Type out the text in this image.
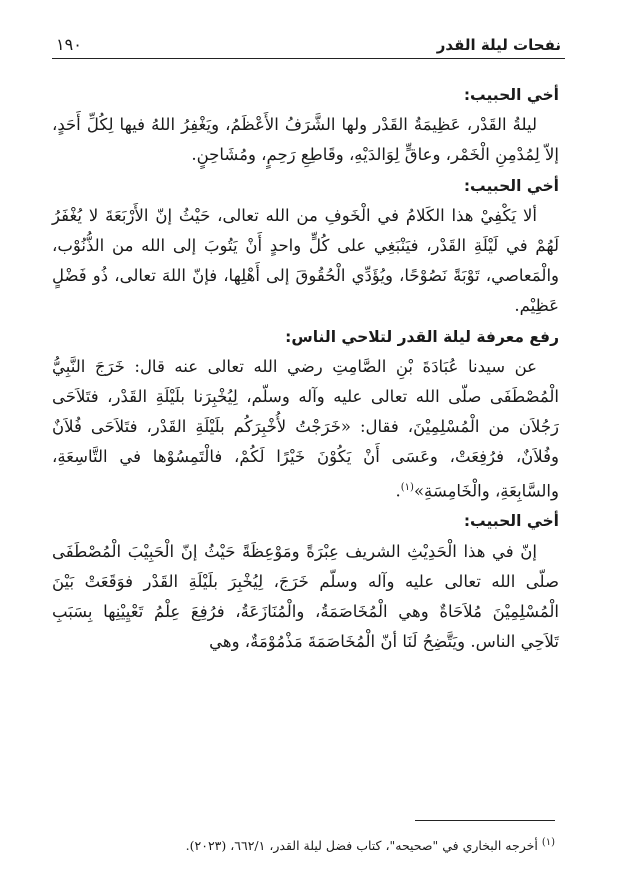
نفحات ليلة القدر
١٩٠

أخي الحبيب:

ليلةُ القَدْر، عَظِيمَةُ القَدْر ولها الشَّرَفُ الأَعْظَمُ، ويَغْفِرُ اللهُ فيها لِكُلِّ أَحَدٍ، إلاّ لِمُدْمِنِ الْخَمْر، وعاقٍّ لِوَالدَيْهِ، وقَاطِعِ رَحِمٍ، ومُشَاحِنٍ.

أخي الحبيب:

ألا يَكْفِيْ هذا الكَلامُ في الْخَوفِ من الله تعالى، حَيْثُ إنّ الأَرْبَعَةَ لا يُغْفَرُ لَهُمْ في لَيْلَةِ القَدْر، فيَنْبَغِي على كُلٍّ واحدٍ أَنْ يَتُوبَ إلى الله من الذُّنُوْب، والْمَعاصي، تَوْبَةً نَصُوْحًا، ويُؤَدِّي الْحُقُوقَ إلى أَهْلِها، فإنّ اللهَ تعالى، ذُو فَضْلٍ عَظِيْم.

رفع معرفة ليلة القدر لتلاحي الناس:

عن سيدنا عُبَادَةَ بْنِ الصَّامِتِ رضي الله تعالى عنه قال: خَرَجَ النَّبِيُّ الْمُصْطَفَى صلّى الله تعالى عليه وآله وسلّم، لِيُخْبِرَنا بلَيْلَةِ القَدْر، فتَلاَحَى رَجُلاَن من الْمُسْلِمِيْنَ، فقال: «خَرَجْتُ لأُخْبِرَكُم بلَيْلَةِ القَدْر، فتَلاَحَى فُلاَنٌ وفُلاَنٌ، فرُفِعَتْ، وعَسَى أَنْ يَكُوْنَ خَيْرًا لَكُمْ، فالْتَمِسُوْها في التَّاسِعَةِ، والسَّابِعَةِ، والْخَامِسَةِ»$^{(١)}$.

أخي الحبيب:

إنّ في هذا الْحَدِيْثِ الشريف عِبْرَةً ومَوْعِظَةً حَيْثُ إنّ الْحَبِيْبَ الْمُصْطَفَى صلّى الله تعالى عليه وآله وسلّم خَرَجَ، لِيُخْبِرَ بلَيْلَةِ القَدْر فوَقَعَتْ بَيْنَ الْمُسْلِمِيْنَ مُلاَحَاةٌ وهي الْمُخَاصَمَةُ، والْمُنَازَعَةُ، فرُفِعَ عِلْمُ تَعْيِيْنِها بِسَبَبِ تَلاَحِي الناس. ويَتَّضِحُ لَنَا أنّ الْمُخَاصَمَةَ مَذْمُوْمَةٌ، وهي

$^{(١)}$ أخرجه البخاري في "صحيحه"، كتاب فضل ليلة القدر، ٦٦٢/١، (٢٠٢٣).
